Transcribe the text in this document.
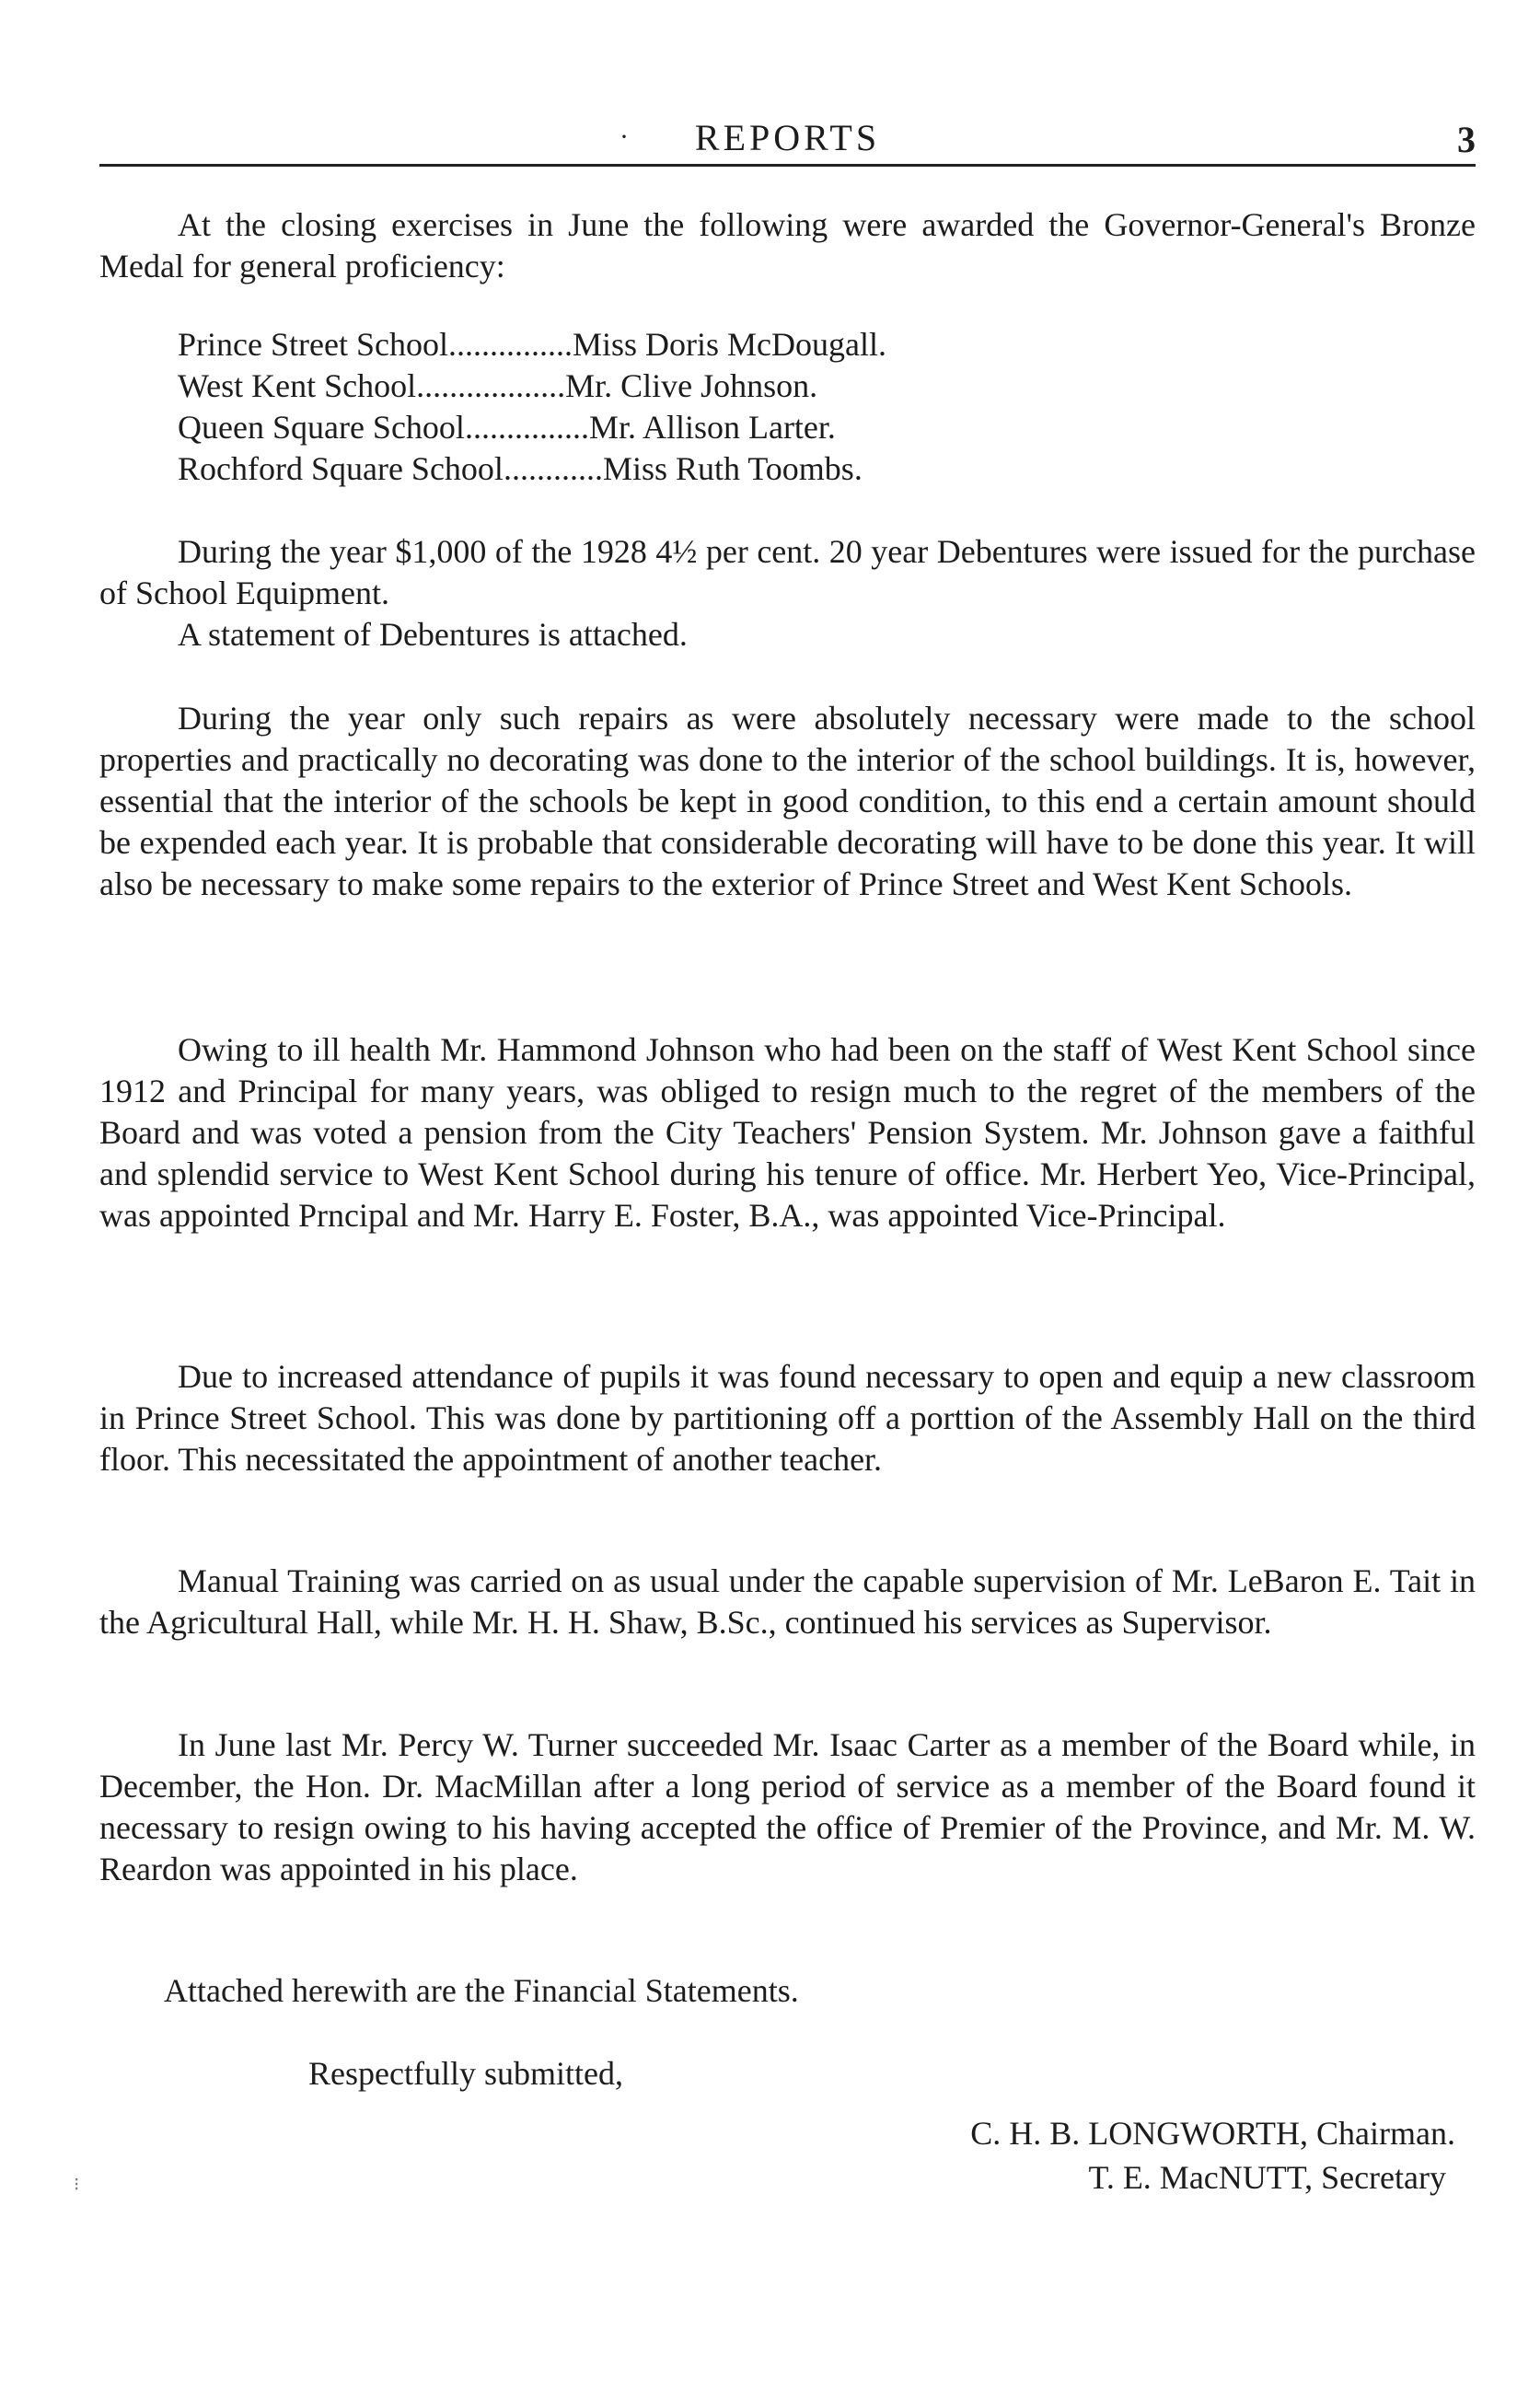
·	REPORTS	3

At the closing exercises in June the following were awarded the Governor-General's Bronze Medal for general proficiency:

Prince Street School ............... Miss Doris McDougall.
West Kent School .................. Mr. Clive Johnson.
Queen Square School ............... Mr. Allison Larter.
Rochford Square School ............ Miss Ruth Toombs.

During the year $1,000 of the 1928 4½ per cent. 20 year Debentures were issued for the purchase of School Equipment.

A statement of Debentures is attached.

During the year only such repairs as were absolutely necessary were made to the school properties and practically no decorating was done to the interior of the school buildings. It is, however, essential that the interior of the schools be kept in good condition, to this end a certain amount should be expended each year. It is probable that considerable decorating will have to be done this year. It will also be necessary to make some repairs to the exterior of Prince Street and West Kent Schools.

Owing to ill health Mr. Hammond Johnson who had been on the staff of West Kent School since 1912 and Principal for many years, was obliged to resign much to the regret of the members of the Board and was voted a pension from the City Teachers' Pension System. Mr. Johnson gave a faithful and splendid service to West Kent School during his tenure of office. Mr. Herbert Yeo, Vice-Principal, was appointed Prncipal and Mr. Harry E. Foster, B.A., was appointed Vice-Principal.

Due to increased attendance of pupils it was found necessary to open and equip a new classroom in Prince Street School. This was done by partitioning off a porttion of the Assembly Hall on the third floor. This necessitated the appointment of another teacher.

Manual Training was carried on as usual under the capable supervision of Mr. LeBaron E. Tait in the Agricultural Hall, while Mr. H. H. Shaw, B.Sc., continued his services as Supervisor.

In June last Mr. Percy W. Turner succeeded Mr. Isaac Carter as a member of the Board while, in December, the Hon. Dr. MacMillan after a long period of service as a member of the Board found it necessary to resign owing to his having accepted the office of Premier of the Province, and Mr. M. W. Reardon was appointed in his place.

Attached herewith are the Financial Statements.

Respectfully submitted,
C. H. B. LONGWORTH, Chairman.
T. E. MacNUTT, Secretary
⁝
